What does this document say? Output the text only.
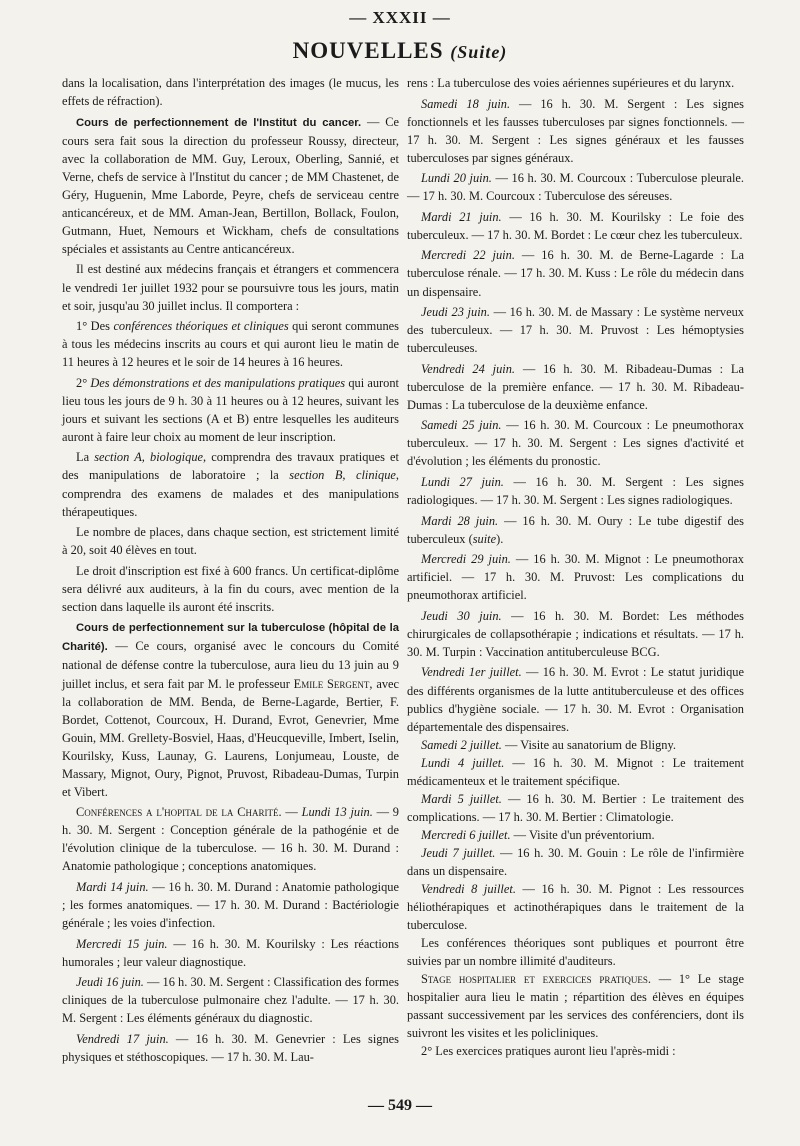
— XXXII —
NOUVELLES (Suite)

dans la localisation, dans l'interprétation des images (le mucus, les effets de réfraction).

Cours de perfectionnement de l'Institut du cancer. — Ce cours sera fait sous la direction du professeur Roussy, directeur, avec la collaboration de MM. Guy, Leroux, Oberling, Sannié, et Verne, chefs de service à l'Institut du cancer ; de MM Chastenet, de Géry, Huguenin, Mme Laborde, Peyre, chefs de serviceau centre anticancéreux, et de MM. Aman-Jean, Bertillon, Bollack, Foulon, Gutmann, Huet, Nemours et Wickham, chefs de consultations spéciales et assistants au Centre anticancéreux.

Il est destiné aux médecins français et étrangers et commencera le vendredi 1er juillet 1932 pour se poursuivre tous les jours, matin et soir, jusqu'au 30 juillet inclus. Il comportera :

1° Des conférences théoriques et cliniques qui seront communes à tous les médecins inscrits au cours et qui auront lieu le matin de 11 heures à 12 heures et le soir de 14 heures à 16 heures.

2° Des démonstrations et des manipulations pratiques qui auront lieu tous les jours de 9 h. 30 à 11 heures ou à 12 heures, suivant les jours et suivant les sections (A et B) entre lesquelles les auditeurs auront à faire leur choix au moment de leur inscription.

La section A, biologique, comprendra des travaux pratiques et des manipulations de laboratoire ; la section B, clinique, comprendra des examens de malades et des manipulations thérapeutiques.

Le nombre de places, dans chaque section, est strictement limité à 20, soit 40 élèves en tout.

Le droit d'inscription est fixé à 600 francs. Un certificat-diplôme sera délivré aux auditeurs, à la fin du cours, avec mention de la section dans laquelle ils auront été inscrits.

Cours de perfectionnement sur la tuberculose (hôpital de la Charité). — Ce cours, organisé avec le concours du Comité national de défense contre la tuberculose, aura lieu du 13 juin au 9 juillet inclus, et sera fait par M. le professeur Emile Sergent, avec la collaboration de MM. Benda, de Berne-Lagarde, Bertier, F. Bordet, Cottenot, Courcoux, H. Durand, Evrot, Genevrier, Mme Gouin, MM. Grellety-Bosviel, Haas, d'Heucqueville, Imbert, Iselin, Kourilsky, Kuss, Launay, G. Laurens, Lonjumeau, Louste, de Massary, Mignot, Oury, Pignot, Pruvost, Ribadeau-Dumas, Turpin et Vibert.

Conférences a l'hopital de la Charité. — Lundi 13 juin. — 9 h. 30. M. Sergent : Conception générale de la pathogénie et de l'évolution clinique de la tuberculose. — 16 h. 30. M. Durand : Anatomie pathologique ; conceptions anatomiques.

Mardi 14 juin. — 16 h. 30. M. Durand : Anatomie pathologique ; les formes anatomiques. — 17 h. 30. M. Durand : Bactériologie générale ; les voies d'infection.

Mercredi 15 juin. — 16 h. 30. M. Kourilsky : Les réactions humorales ; leur valeur diagnostique.

Jeudi 16 juin. — 16 h. 30. M. Sergent : Classification des formes cliniques de la tuberculose pulmonaire chez l'adulte. — 17 h. 30. M. Sergent : Les éléments généraux du diagnostic.

Vendredi 17 juin. — 16 h. 30. M. Genevrier : Les signes physiques et stéthoscopiques. — 17 h. 30. M. Lau-

rens : La tuberculose des voies aériennes supérieures et du larynx.

Samedi 18 juin. — 16 h. 30. M. Sergent : Les signes fonctionnels et les fausses tuberculoses par signes fonctionnels. — 17 h. 30. M. Sergent : Les signes généraux et les fausses tuberculoses par signes généraux.

Lundi 20 juin. — 16 h. 30. M. Courcoux : Tuberculose pleurale. — 17 h. 30. M. Courcoux : Tuberculose des séreuses.

Mardi 21 juin. — 16 h. 30. M. Kourilsky : Le foie des tuberculeux. — 17 h. 30. M. Bordet : Le cœur chez les tuberculeux.

Mercredi 22 juin. — 16 h. 30. M. de Berne-Lagarde : La tuberculose rénale. — 17 h. 30. M. Kuss : Le rôle du médecin dans un dispensaire.

Jeudi 23 juin. — 16 h. 30. M. de Massary : Le système nerveux des tuberculeux. — 17 h. 30. M. Pruvost : Les hémoptysies tuberculeuses.

Vendredi 24 juin. — 16 h. 30. M. Ribadeau-Dumas : La tuberculose de la première enfance. — 17 h. 30. M. Ribadeau-Dumas : La tuberculose de la deuxième enfance.

Samedi 25 juin. — 16 h. 30. M. Courcoux : Le pneumothorax tuberculeux. — 17 h. 30. M. Sergent : Les signes d'activité et d'évolution ; les éléments du pronostic.

Lundi 27 juin. — 16 h. 30. M. Sergent : Les signes radiologiques. — 17 h. 30. M. Sergent : Les signes radiologiques.

Mardi 28 juin. — 16 h. 30. M. Oury : Le tube digestif des tuberculeux (suite).

Mercredi 29 juin. — 16 h. 30. M. Mignot : Le pneumothorax artificiel. — 17 h. 30. M. Pruvost: Les complications du pneumothorax artificiel.

Jeudi 30 juin. — 16 h. 30. M. Bordet: Les méthodes chirurgicales de collapsothérapie ; indications et résultats. — 17 h. 30. M. Turpin : Vaccination antituberculeuse BCG.

Vendredi 1er juillet. — 16 h. 30. M. Evrot : Le statut juridique des différents organismes de la lutte antituberculeuse et des offices publics d'hygiène sociale. — 17 h. 30. M. Evrot : Organisation départementale des dispensaires.

Samedi 2 juillet. — Visite au sanatorium de Bligny.

Lundi 4 juillet. — 16 h. 30. M. Mignot : Le traitement médicamenteux et le traitement spécifique.

Mardi 5 juillet. — 16 h. 30. M. Bertier : Le traitement des complications. — 17 h. 30. M. Bertier : Climatologie.

Mercredi 6 juillet. — Visite d'un préventorium.

Jeudi 7 juillet. — 16 h. 30. M. Gouin : Le rôle de l'infirmière dans un dispensaire.

Vendredi 8 juillet. — 16 h. 30. M. Pignot : Les ressources héliothérapiques et actinothérapiques dans le traitement de la tuberculose.

Les conférences théoriques sont publiques et pourront être suivies par un nombre illimité d'auditeurs.

Stage hospitalier et exercices pratiques. — 1° Le stage hospitalier aura lieu le matin ; répartition des élèves en équipes passant successivement par les services des conférenciers, dont ils suivront les visites et les policliniques.

2° Les exercices pratiques auront lieu l'après-midi :

— 549 —
